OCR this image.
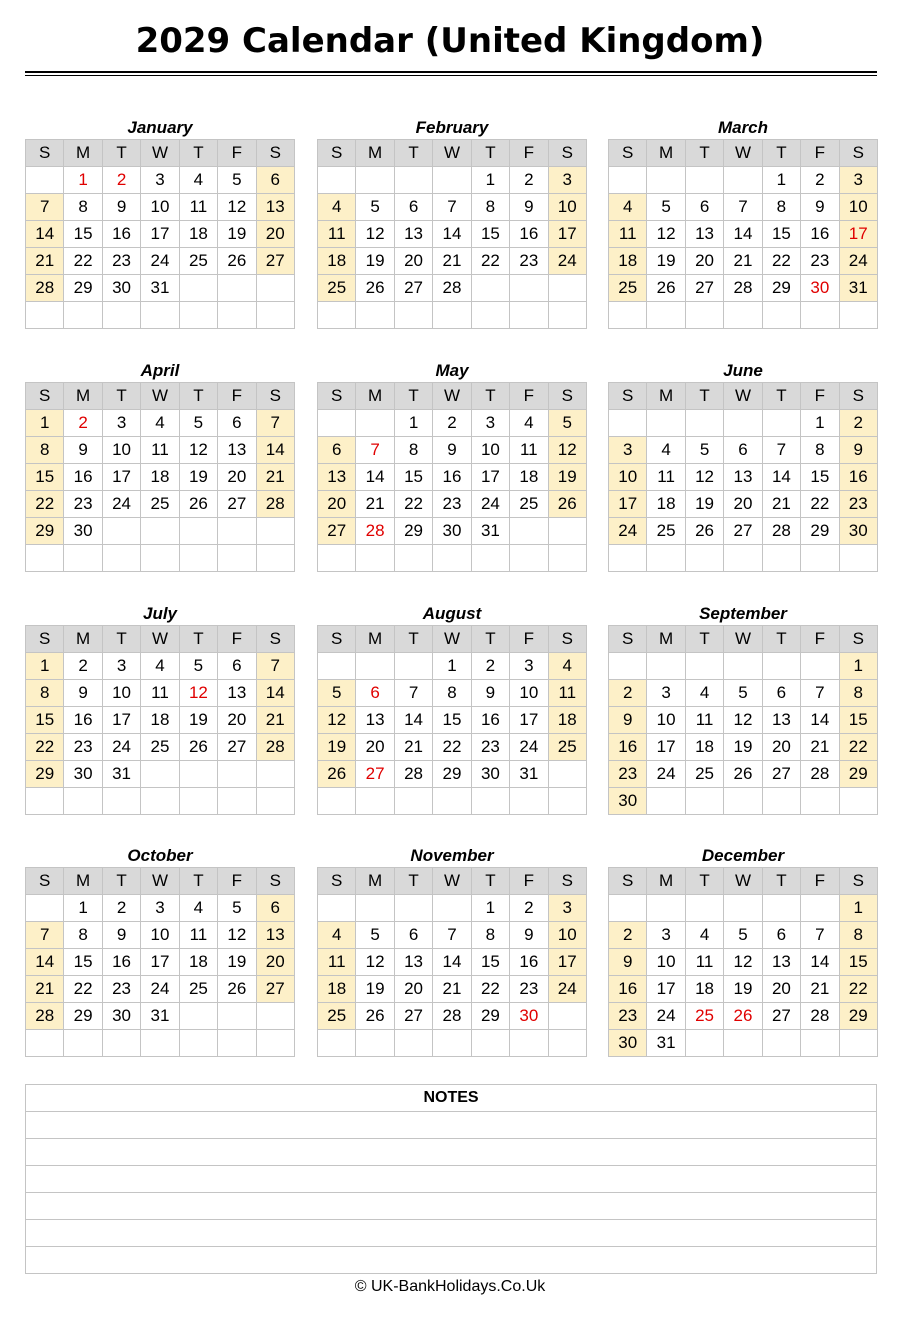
2029 Calendar (United Kingdom)
January
S	M	T	W	T	F	S
	1	2	3	4	5	6
7	8	9	10	11	12	13
14	15	16	17	18	19	20
21	22	23	24	25	26	27
28	29	30	31			

February
S	M	T	W	T	F	S
				1	2	3
4	5	6	7	8	9	10
11	12	13	14	15	16	17
18	19	20	21	22	23	24
25	26	27	28			

March
S	M	T	W	T	F	S
				1	2	3
4	5	6	7	8	9	10
11	12	13	14	15	16	17
18	19	20	21	22	23	24
25	26	27	28	29	30	31

April
S	M	T	W	T	F	S
1	2	3	4	5	6	7
8	9	10	11	12	13	14
15	16	17	18	19	20	21
22	23	24	25	26	27	28
29	30					

May
S	M	T	W	T	F	S
		1	2	3	4	5
6	7	8	9	10	11	12
13	14	15	16	17	18	19
20	21	22	23	24	25	26
27	28	29	30	31		

June
S	M	T	W	T	F	S
					1	2
3	4	5	6	7	8	9
10	11	12	13	14	15	16
17	18	19	20	21	22	23
24	25	26	27	28	29	30

July
S	M	T	W	T	F	S
1	2	3	4	5	6	7
8	9	10	11	12	13	14
15	16	17	18	19	20	21
22	23	24	25	26	27	28
29	30	31				

August
S	M	T	W	T	F	S
			1	2	3	4
5	6	7	8	9	10	11
12	13	14	15	16	17	18
19	20	21	22	23	24	25
26	27	28	29	30	31	

September
S	M	T	W	T	F	S
						1
2	3	4	5	6	7	8
9	10	11	12	13	14	15
16	17	18	19	20	21	22
23	24	25	26	27	28	29
30						
October
S	M	T	W	T	F	S
	1	2	3	4	5	6
7	8	9	10	11	12	13
14	15	16	17	18	19	20
21	22	23	24	25	26	27
28	29	30	31			

November
S	M	T	W	T	F	S
				1	2	3
4	5	6	7	8	9	10
11	12	13	14	15	16	17
18	19	20	21	22	23	24
25	26	27	28	29	30	

December
S	M	T	W	T	F	S
						1
2	3	4	5	6	7	8
9	10	11	12	13	14	15
16	17	18	19	20	21	22
23	24	25	26	27	28	29
30	31					
NOTES

© UK-BankHolidays.Co.Uk
